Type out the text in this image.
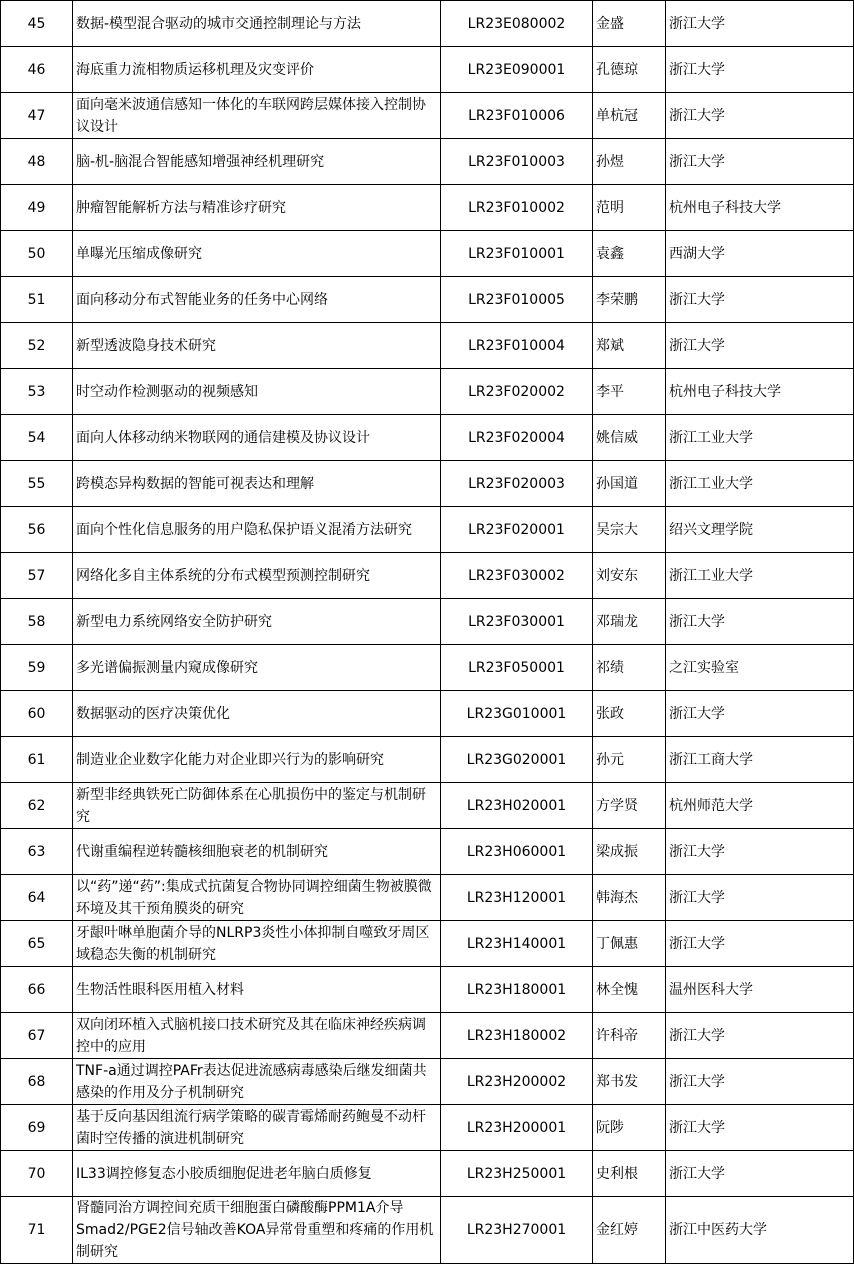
45	数据-模型混合驱动的城市交通控制理论与方法	LR23E080002	金盛	浙江大学
46	海底重力流相物质运移机理及灾变评价	LR23E090001	孔德琼	浙江大学
47	面向毫米波通信感知一体化的车联网跨层媒体接入控制协议设计	LR23F010006	单杭冠	浙江大学
48	脑-机-脑混合智能感知增强神经机理研究	LR23F010003	孙煜	浙江大学
49	肿瘤智能解析方法与精准诊疗研究	LR23F010002	范明	杭州电子科技大学
50	单曝光压缩成像研究	LR23F010001	袁鑫	西湖大学
51	面向移动分布式智能业务的任务中心网络	LR23F010005	李荣鹏	浙江大学
52	新型透波隐身技术研究	LR23F010004	郑斌	浙江大学
53	时空动作检测驱动的视频感知	LR23F020002	李平	杭州电子科技大学
54	面向人体移动纳米物联网的通信建模及协议设计	LR23F020004	姚信威	浙江工业大学
55	跨模态异构数据的智能可视表达和理解	LR23F020003	孙国道	浙江工业大学
56	面向个性化信息服务的用户隐私保护语义混淆方法研究	LR23F020001	吴宗大	绍兴文理学院
57	网络化多自主体系统的分布式模型预测控制研究	LR23F030002	刘安东	浙江工业大学
58	新型电力系统网络安全防护研究	LR23F030001	邓瑞龙	浙江大学
59	多光谱偏振测量内窥成像研究	LR23F050001	祁绩	之江实验室
60	数据驱动的医疗决策优化	LR23G010001	张政	浙江大学
61	制造业企业数字化能力对企业即兴行为的影响研究	LR23G020001	孙元	浙江工商大学
62	新型非经典铁死亡防御体系在心肌损伤中的鉴定与机制研究	LR23H020001	方学贤	杭州师范大学
63	代谢重编程逆转髓核细胞衰老的机制研究	LR23H060001	梁成振	浙江大学
64	以“药”递“药”:集成式抗菌复合物协同调控细菌生物被膜微环境及其干预角膜炎的研究	LR23H120001	韩海杰	浙江大学
65	牙龈叶啉单胞菌介导的NLRP3炎性小体抑制自噬致牙周区域稳态失衡的机制研究	LR23H140001	丁佩惠	浙江大学
66	生物活性眼科医用植入材料	LR23H180001	林全愧	温州医科大学
67	双向闭环植入式脑机接口技术研究及其在临床神经疾病调控中的应用	LR23H180002	许科帝	浙江大学
68	TNF-a通过调控PAFr表达促进流感病毒感染后继发细菌共感染的作用及分子机制研究	LR23H200002	郑书发	浙江大学
69	基于反向基因组流行病学策略的碳青霉烯耐药鲍曼不动杆菌时空传播的演进机制研究	LR23H200001	阮陟	浙江大学
70	IL33调控修复态小胶质细胞促进老年脑白质修复	LR23H250001	史利根	浙江大学
71	肾髓同治方调控间充质干细胞蛋白磷酸酶PPM1A介导Smad2/PGE2信号轴改善KOA异常骨重塑和疼痛的作用机制研究	LR23H270001	金红婷	浙江中医药大学
